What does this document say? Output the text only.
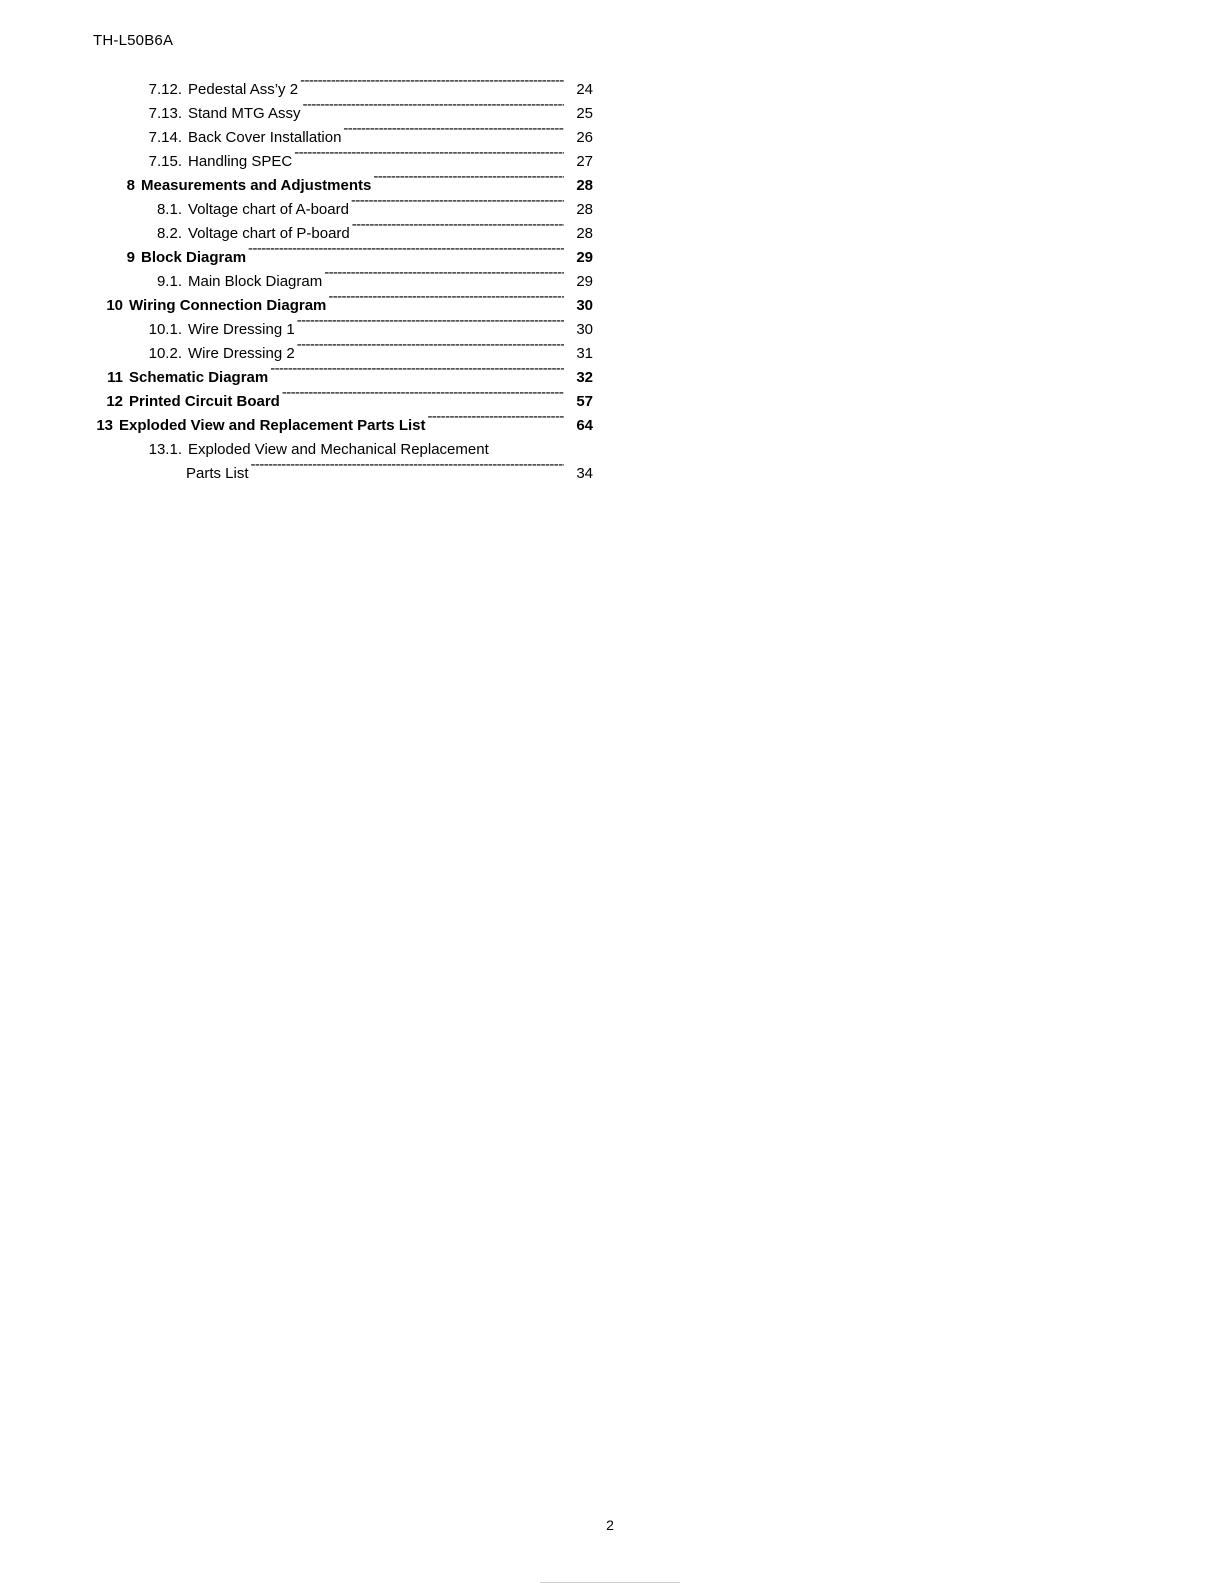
TH-L50B6A
7.12. Pedestal Ass’y 2 -----	24
7.13. Stand MTG Assy -----	25
7.14. Back Cover Installation -----	26
7.15. Handling SPEC -----	27
8 Measurements and Adjustments -----	28
8.1. Voltage chart of A-board -----	28
8.2. Voltage chart of P-board -----	28
9 Block Diagram -----	29
9.1. Main Block Diagram -----	29
10 Wiring Connection Diagram -----	30
10.1. Wire Dressing 1 -----	30
10.2. Wire Dressing 2 -----	31
11 Schematic Diagram -----	32
12 Printed Circuit Board -----	57
13 Exploded View and Replacement Parts List -----	64
13.1. Exploded View and Mechanical Replacement
Parts List -----	34
2
